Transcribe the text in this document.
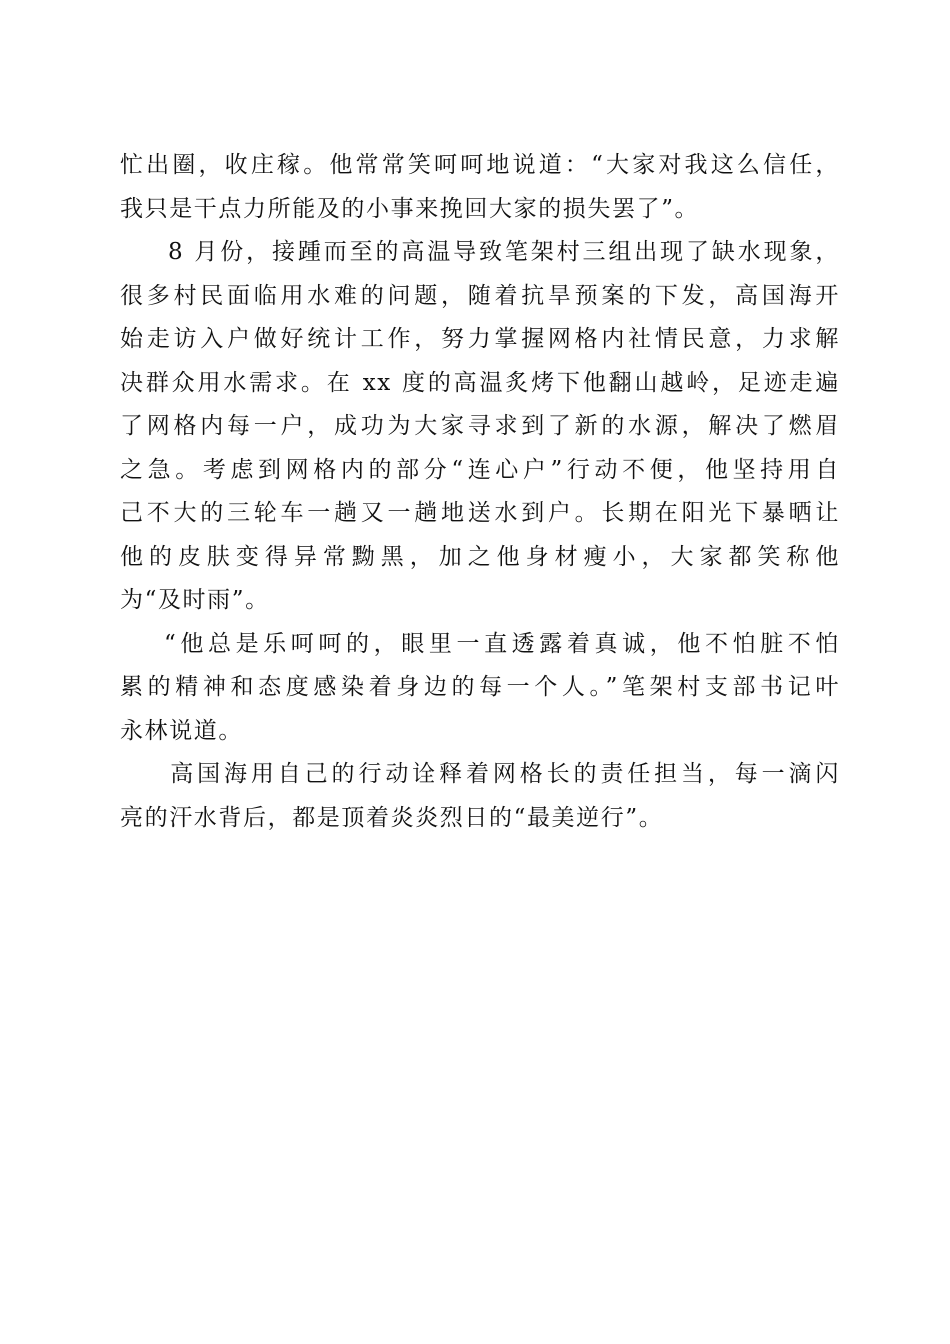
忙出圈，收庄稼。他常常笑呵呵地说道：“大家对我这么信任，
我只是干点力所能及的小事来挽回大家的损失罢了”。
8 月份，接踵而至的高温导致笔架村三组出现了缺水现象，
很多村民面临用水难的问题，随着抗旱预案的下发，高国海开
始走访入户做好统计工作，努力掌握网格内社情民意，力求解
决群众用水需求。在 xx 度的高温炙烤下他翻山越岭，足迹走遍
了网格内每一户，成功为大家寻求到了新的水源，解决了燃眉
之急。考虑到网格内的部分“连心户”行动不便，他坚持用自
己不大的三轮车一趟又一趟地送水到户。长期在阳光下暴晒让
他的皮肤变得异常黝黑，加之他身材瘦小，大家都笑称他
为“及时雨”。
“他总是乐呵呵的，眼里一直透露着真诚，他不怕脏不怕
累的精神和态度感染着身边的每一个人。”笔架村支部书记叶
永林说道。
高国海用自己的行动诠释着网格长的责任担当，每一滴闪
亮的汗水背后，都是顶着炎炎烈日的“最美逆行”。
